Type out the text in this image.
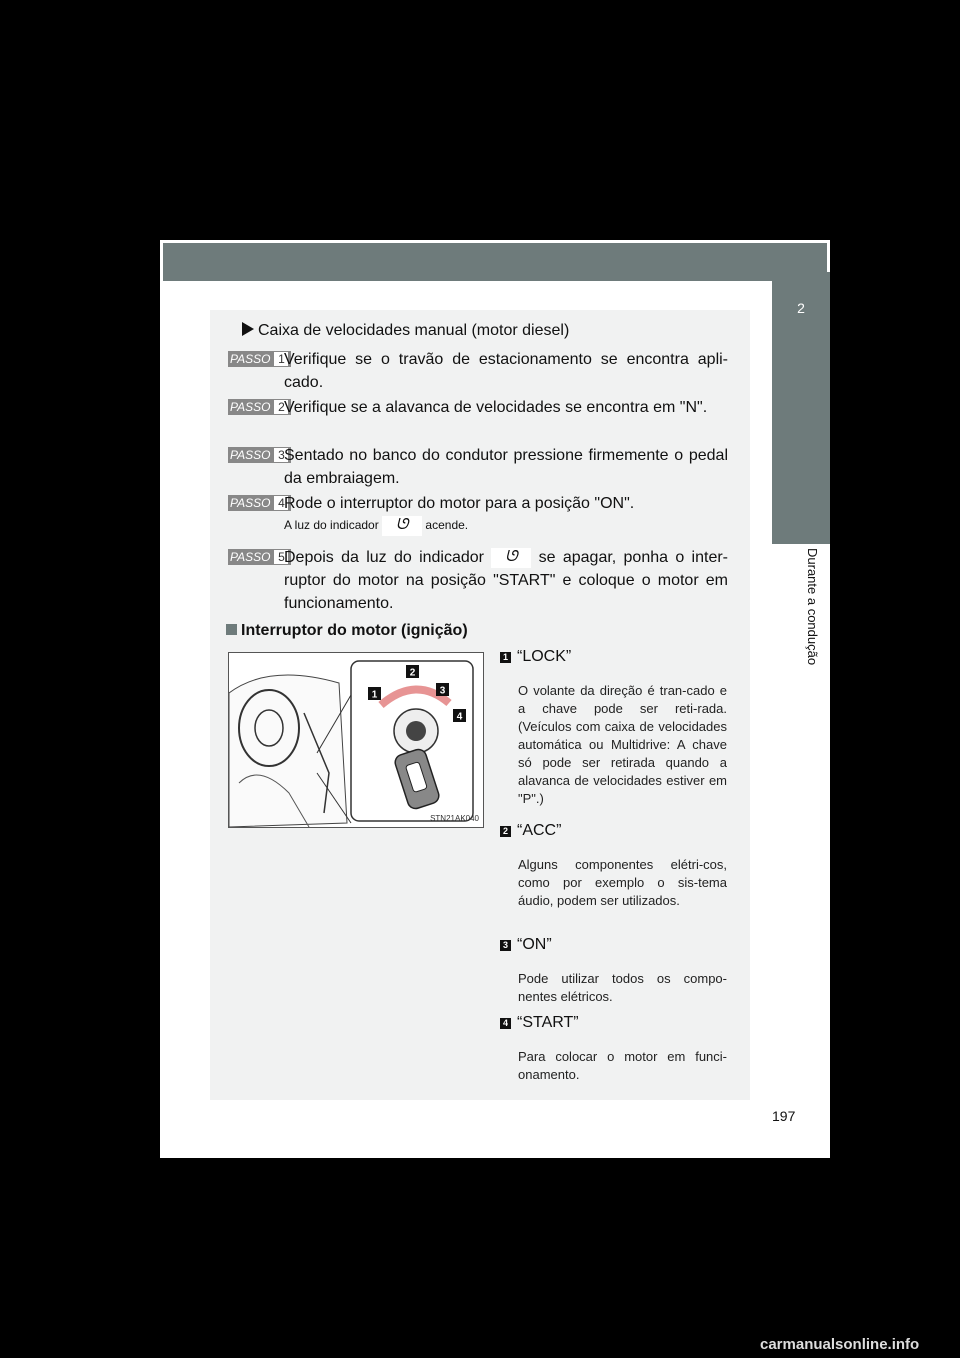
2
Durante a condução
Caixa de velocidades manual (motor diesel)
PASSO 1 Verifique se o travão de estacionamento se encontra apli-cado.
PASSO 2 Verifique se a alavanca de velocidades se encontra em "N".
PASSO 3 Sentado no banco do condutor pressione firmemente o pedal da embraiagem.
PASSO 4 Rode o interruptor do motor para a posição "ON".
A luz do indicador ᘎ acende.
PASSO 5 Depois da luz do indicador ᘎ se apagar, ponha o inter-ruptor do motor na posição "START" e coloque o motor em funcionamento.
Interruptor do motor (ignição)
1
2
3
4
STN21AK040
1 “LOCK”
O volante da direção é tran-cado e a chave pode ser reti-rada. (Veículos com caixa de velocidades automática ou Multidrive: A chave só pode ser retirada quando a alavanca de velocidades estiver em "P".)
2 “ACC”
Alguns componentes elétri-cos, como por exemplo o sis-tema áudio, podem ser utilizados.
3 “ON”
Pode utilizar todos os compo-nentes elétricos.
4 “START”
Para colocar o motor em funci-onamento.
197
carmanualsonline.info
